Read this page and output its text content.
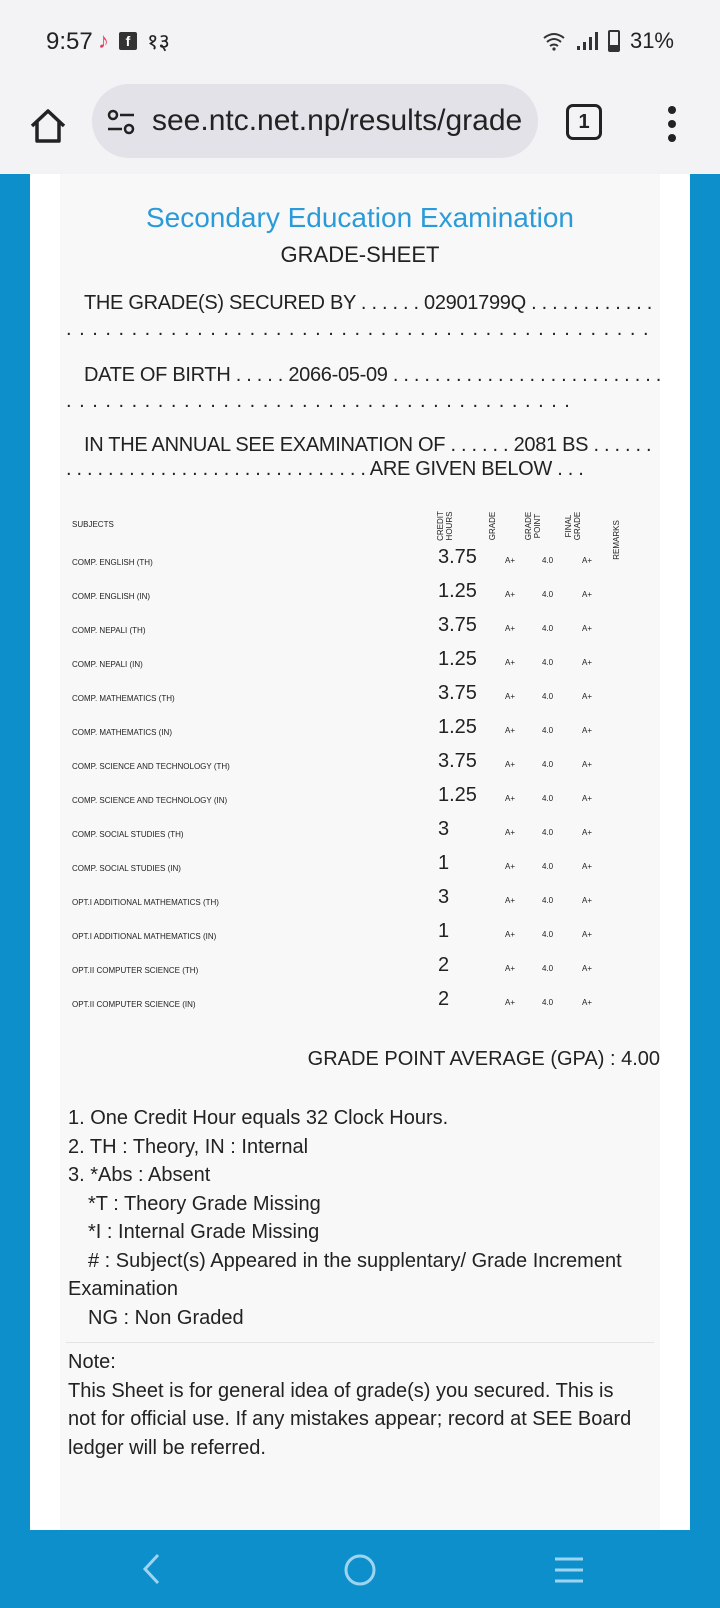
9:57 ♪	f १३	31%
see.ntc.net.np/results/grade	1
Secondary Education Examination
GRADE-SHEET
THE GRADE(S) SECURED BY . . . . . . 02901799Q . . . . . . . . . . . .
. . . . . . . . . . . . . . . . . . . . . . . . . . . . . . . . . . . . . . . . . . . . .
DATE OF BIRTH . . . . . 2066-05-09 . . . . . . . . . . . . . . . . . . . . . . . . . .
. . . . . . . . . . . . . . . . . . . . . . . . . . . . . . . . . . . . . . .
IN THE ANNUAL SEE EXAMINATION OF . . . . . . 2081 BS . . . . . .
. . . . . . . . . . . . . . . . . . . . . . . . . . . . . ARE GIVEN BELOW . . .
SUBJECTS	CREDIT HOURS	GRADE	GRADE POINT	FINAL GRADE	REMARKS
COMP. ENGLISH (TH)	3.75	A+	4.0	A+
COMP. ENGLISH (IN)	1.25	A+	4.0	A+
COMP. NEPALI (TH)	3.75	A+	4.0	A+
COMP. NEPALI (IN)	1.25	A+	4.0	A+
COMP. MATHEMATICS (TH)	3.75	A+	4.0	A+
COMP. MATHEMATICS (IN)	1.25	A+	4.0	A+
COMP. SCIENCE AND TECHNOLOGY (TH)	3.75	A+	4.0	A+
COMP. SCIENCE AND TECHNOLOGY (IN)	1.25	A+	4.0	A+
COMP. SOCIAL STUDIES (TH)	3	A+	4.0	A+
COMP. SOCIAL STUDIES (IN)	1	A+	4.0	A+
OPT.I ADDITIONAL MATHEMATICS (TH)	3	A+	4.0	A+
OPT.I ADDITIONAL MATHEMATICS (IN)	1	A+	4.0	A+
OPT.II COMPUTER SCIENCE (TH)	2	A+	4.0	A+
OPT.II COMPUTER SCIENCE (IN)	2	A+	4.0	A+
GRADE POINT AVERAGE (GPA) : 4.00
1. One Credit Hour equals 32 Clock Hours.
2. TH : Theory, IN : Internal
3. *Abs : Absent
*T : Theory Grade Missing
*I : Internal Grade Missing
# : Subject(s) Appeared in the supplentary/ Grade Increment
Examination
NG : Non Graded
Note:
This Sheet is for general idea of grade(s) you secured. This is not for official use. If any mistakes appear; record at SEE Board ledger will be referred.
